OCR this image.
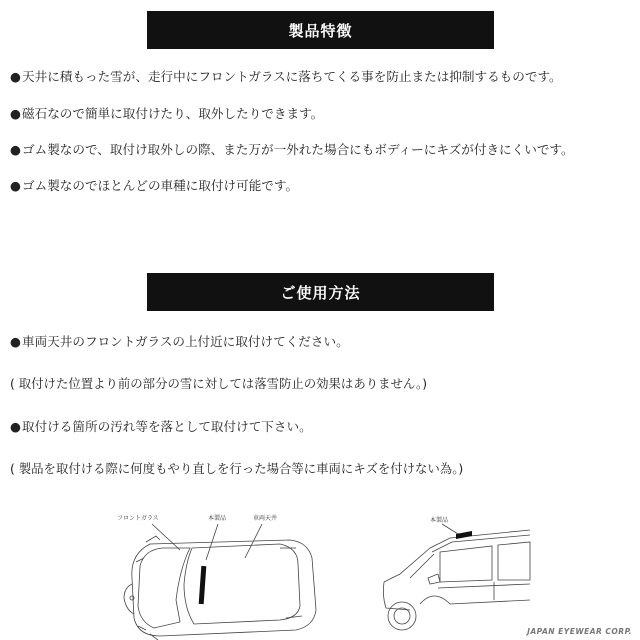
製品特徴
● 天井に積もった雪が、走行中にフロントガラスに落ちてくる事を防止または抑制するものです。
● 磁石なので簡単に取付けたり、取外したりできます。
● ゴム製なので、取付け取外しの際、また万が一外れた場合にもボディーにキズが付きにくいです。
● ゴム製なのでほとんどの車種に取付け可能です。
ご使用方法
● 車両天井のフロントガラスの上付近に取付けてください。
( 取付けた位置より前の部分の雪に対しては落雪防止の効果はありません。)
● 取付ける箇所の汚れ等を落として取付けて下さい。
( 製品を取付ける際に何度もやり直しを行った場合等に車両にキズを付けない為。)
フロントガラス	本製品	車両天井	本製品
JAPAN EYEWEAR CORP.
